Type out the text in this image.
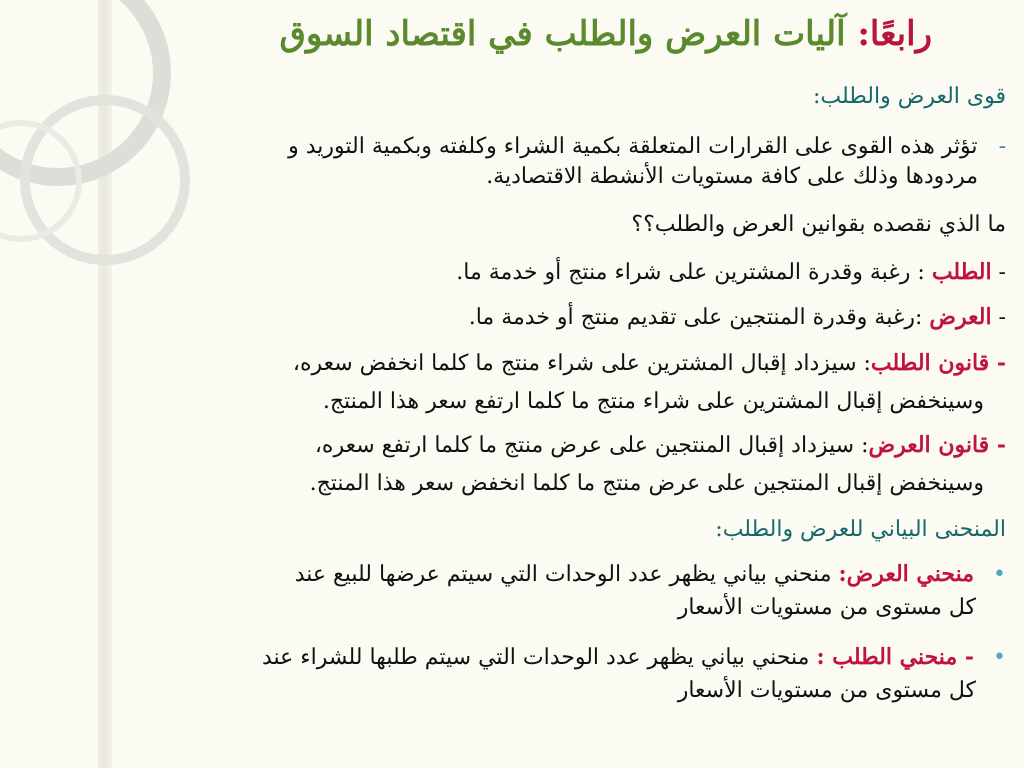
رابعًا: آليات العرض والطلب في اقتصاد السوق
قوى العرض والطلب:
- تؤثر هذه القوى على القرارات المتعلقة بكمية الشراء وكلفته وبكمية التوريد و
مردودها وذلك على كافة مستويات الأنشطة الاقتصادية.
ما الذي نقصده بقوانين العرض والطلب؟؟
- الطلب : رغبة وقدرة المشترين على شراء منتج أو خدمة ما.
- العرض :رغبة وقدرة المنتجين على تقديم منتج أو خدمة ما.
- قانون الطلب: سيزداد إقبال المشترين على شراء منتج ما كلما انخفض سعره،
وسينخفض إقبال المشترين على شراء منتج ما كلما ارتفع سعر هذا المنتج.
- قانون العرض: سيزداد إقبال المنتجين على عرض منتج ما كلما ارتفع سعره،
وسينخفض إقبال المنتجين على عرض منتج ما كلما انخفض سعر هذا المنتج.
المنحنى البياني للعرض والطلب:
• منحني العرض: منحني بياني يظهر عدد الوحدات التي سيتم عرضها للبيع عند
كل مستوى من مستويات الأسعار
• - منحني الطلب : منحني بياني يظهر عدد الوحدات التي سيتم طلبها للشراء عند
كل مستوى من مستويات الأسعار
